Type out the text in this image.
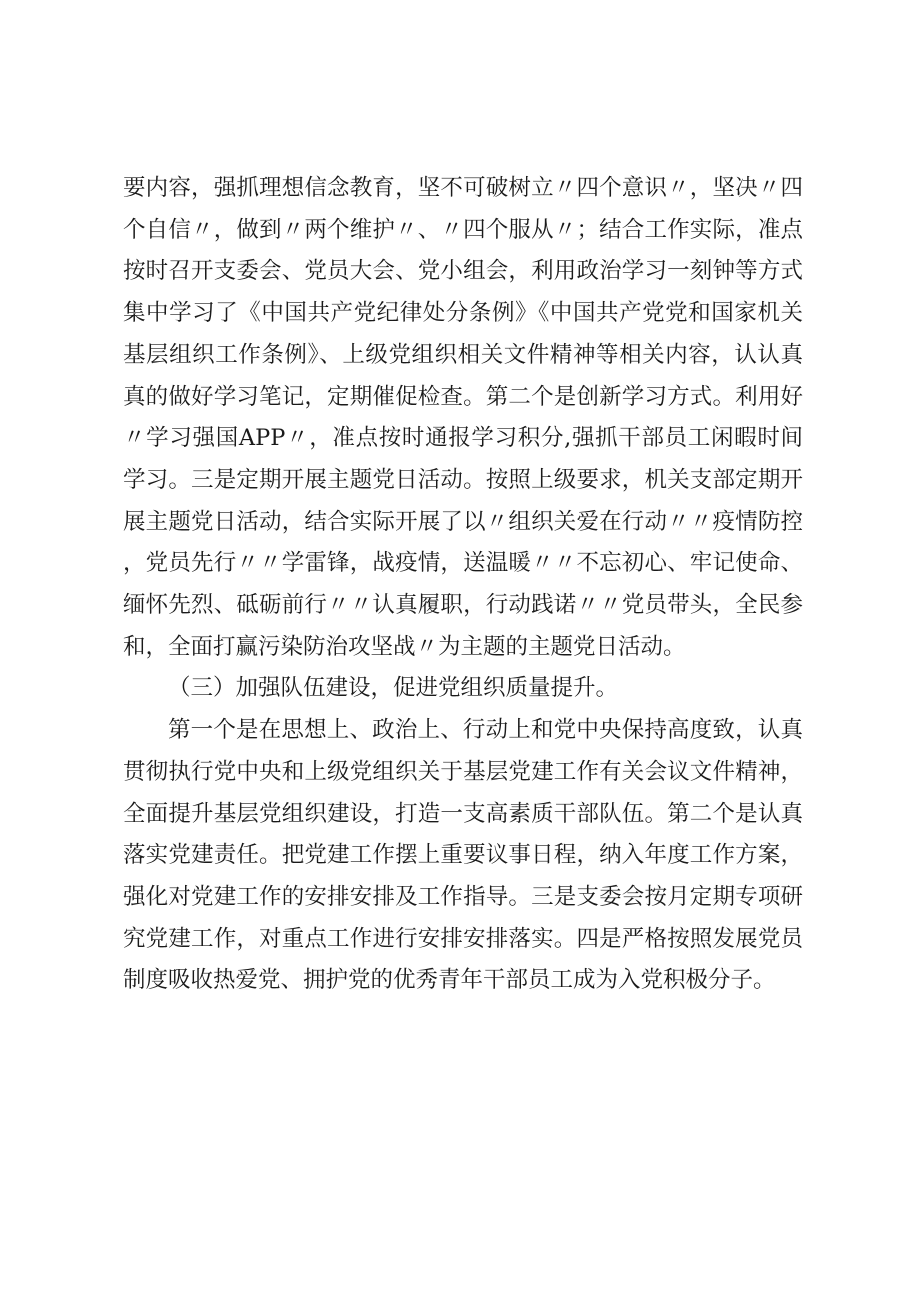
要内容，强抓理想信念教育，坚不可破树立〃四个意识〃，坚决〃四个自信〃，做到〃两个维护〃、〃四个服从〃；结合工作实际，准点按时召开支委会、党员大会、党小组会，利用政治学习一刻钟等方式集中学习了《中国共产党纪律处分条例》《中国共产党党和国家机关基层组织工作条例》、上级党组织相关文件精神等相关内容，认认真真的做好学习笔记，定期催促检查。第二个是创新学习方式。利用好〃学习强国APP〃，准点按时通报学习积分,强抓干部员工闲暇时间学习。三是定期开展主题党日活动。按照上级要求，机关支部定期开展主题党日活动，结合实际开展了以〃组织关爱在行动〃〃疫情防控，党员先行〃〃学雷锋，战疫情，送温暖〃〃不忘初心、牢记使命、缅怀先烈、砥砺前行〃〃认真履职，行动践诺〃〃党员带头，全民参和，全面打赢污染防治攻坚战〃为主题的主题党日活动。

（三）加强队伍建设，促进党组织质量提升。

第一个是在思想上、政治上、行动上和党中央保持高度致，认真贯彻执行党中央和上级党组织关于基层党建工作有关会议文件精神，全面提升基层党组织建设，打造一支高素质干部队伍。第二个是认真落实党建责任。把党建工作摆上重要议事日程，纳入年度工作方案，强化对党建工作的安排安排及工作指导。三是支委会按月定期专项研究党建工作，对重点工作进行安排安排落实。四是严格按照发展党员制度吸收热爱党、拥护党的优秀青年干部员工成为入党积极分子。
